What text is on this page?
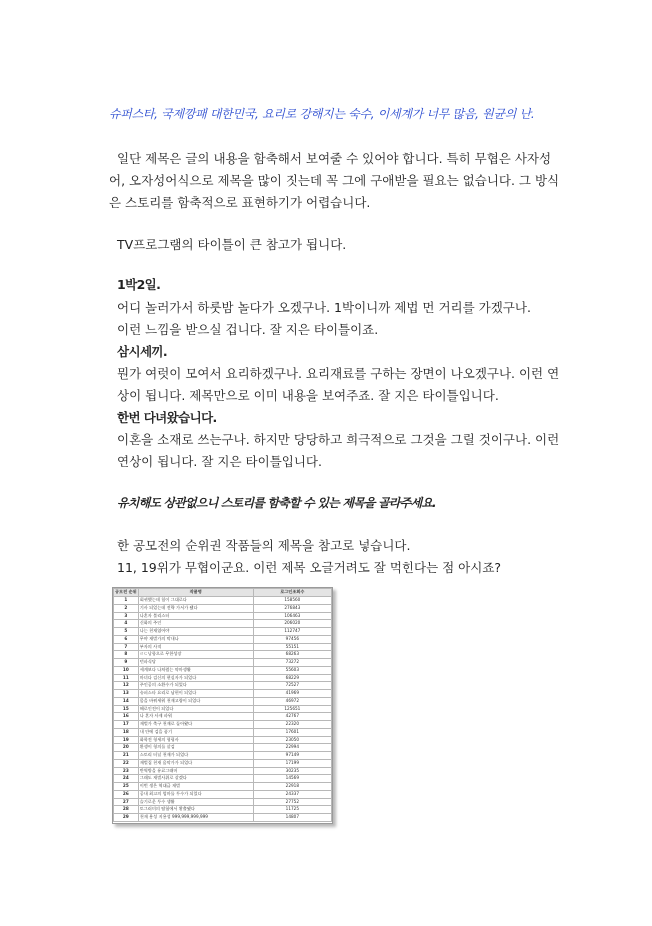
슈퍼스타, 국제깡패 대한민국, 요리로 강해지는 숙수, 이세계가 너무 많음, 원균의 난.
일단 제목은 글의 내용을 함축해서 보여줄 수 있어야 합니다. 특히 무협은 사자성
어, 오자성어식으로 제목을 많이 짓는데 꼭 그에 구애받을 필요는 없습니다. 그 방식
은 스토리를 함축적으로 표현하기가 어렵습니다.
TV프로그램의 타이틀이 큰 참고가 됩니다.
1박2일.
어디 놀러가서 하룻밤 놀다가 오겠구나. 1박이니까 제법 먼 거리를 가겠구나.
이런 느낌을 받으실 겁니다. 잘 지은 타이틀이죠.
삼시세끼.
뭔가 여럿이 모여서 요리하겠구나. 요리재료를 구하는 장면이 나오겠구나. 이런 연
상이 됩니다. 제목만으로 이미 내용을 보여주죠. 잘 지은 타이틀입니다.
한번 다녀왔습니다.
이혼을 소재로 쓰는구나. 하지만 당당하고 희극적으로 그것을 그릴 것이구나. 이런
연상이 됩니다. 잘 지은 타이틀입니다.
유치해도 상관없으니 스토리를 함축할 수 있는 제목을 골라주세요.
한 공모전의 순위권 작품들의 제목을 참고로 넣습니다.
11, 19위가 무협이군요. 이런 제목 오글거려도 잘 먹힌다는 점 아시죠?
공모전 순위	작품명	로그인조회수
1	회귀했는데 힘이 그대로다	158560
2	기사 되었는데 전략 가서가 됐다	276843
3	나혼자 불리스터	106463
4	신화의 주인	206020
5	나는 천재였어야	112747
6	무야 재벌가의 막내나	97456
7	부자의 사적	55151
8	ㄹㄷ낭항으로 무한성장	68263
9	던파식당	73272
10	세계보다 나처럼는 약마생활	55603
11	마녀다 검신의 현실자가 되었다	68229
12	주인공의 소환수가 되었다	72527
13	슈퍼스타 요리로 남편이 되었다	41969
14	몸을 바꿔세워 천재고량이 되었다	46972
15	해로인전이 되었다	125651
16	나 혼자 사제 파워	42767
17	재벌가 축구 천재로 돌아왔다	22320
18	내 안에 검을 품기	17601
19	화학전 형세의 형평사	23050
20	환생이 형의를 살검	22994
21	스토리 터널 천재가 되었다	97149
22	재벌집 천재 음악가가 되었다	17199
23	반역방을 유료그래머	30235
24	그래도 재벌사위로 살겠다	14569
25	이번 생은 역대급 재벌	22918
26	공내 최고의 엄마를 투수가 되었다	24337
27	슬기로운 투수 생활	27752
28	토그러미의 탐험에서 황출됐다	11725
29	천재 용성 지용성 999,999,999,999	14807
